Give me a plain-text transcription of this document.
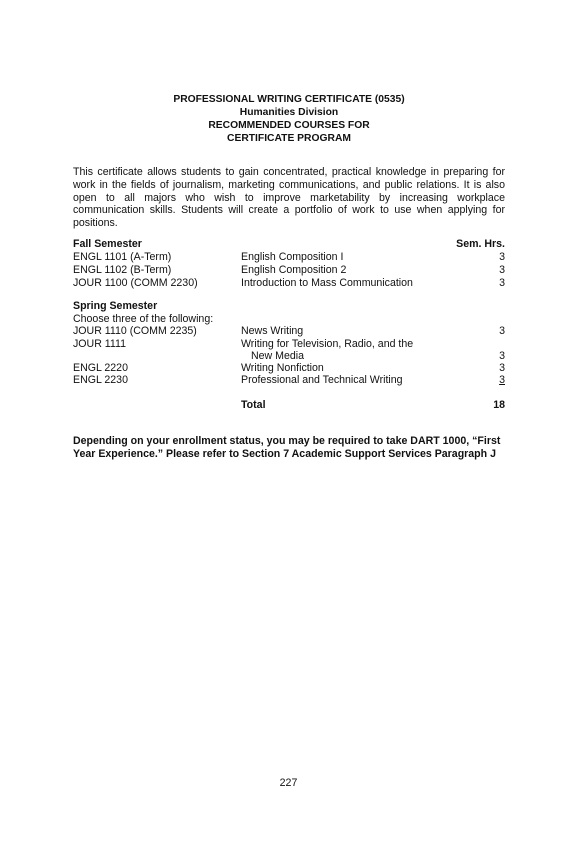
PROFESSIONAL WRITING CERTIFICATE (0535)
Humanities Division
RECOMMENDED COURSES FOR
CERTIFICATE PROGRAM
This certificate allows students to gain concentrated, practical knowledge in preparing for work in the fields of journalism, marketing communications, and public relations. It is also open to all majors who wish to improve marketability by increasing workplace communication skills. Students will create a portfolio of work to use when applying for positions.
Fall Semester	Sem. Hrs.
ENGL 1101 (A-Term)	English Composition I	3
ENGL 1102 (B-Term)	English Composition 2	3
JOUR 1100 (COMM 2230)	Introduction to Mass Communication	3
Spring Semester
Choose three of the following:
JOUR 1110 (COMM 2235)	News Writing	3
JOUR 1111	Writing for Television, Radio, and the
New Media	3
ENGL 2220	Writing Nonfiction	3
ENGL 2230	Professional and Technical Writing	3
Total	18
Depending on your enrollment status, you may be required to take DART 1000, “First
Year Experience.” Please refer to Section 7 Academic Support Services Paragraph J
227
